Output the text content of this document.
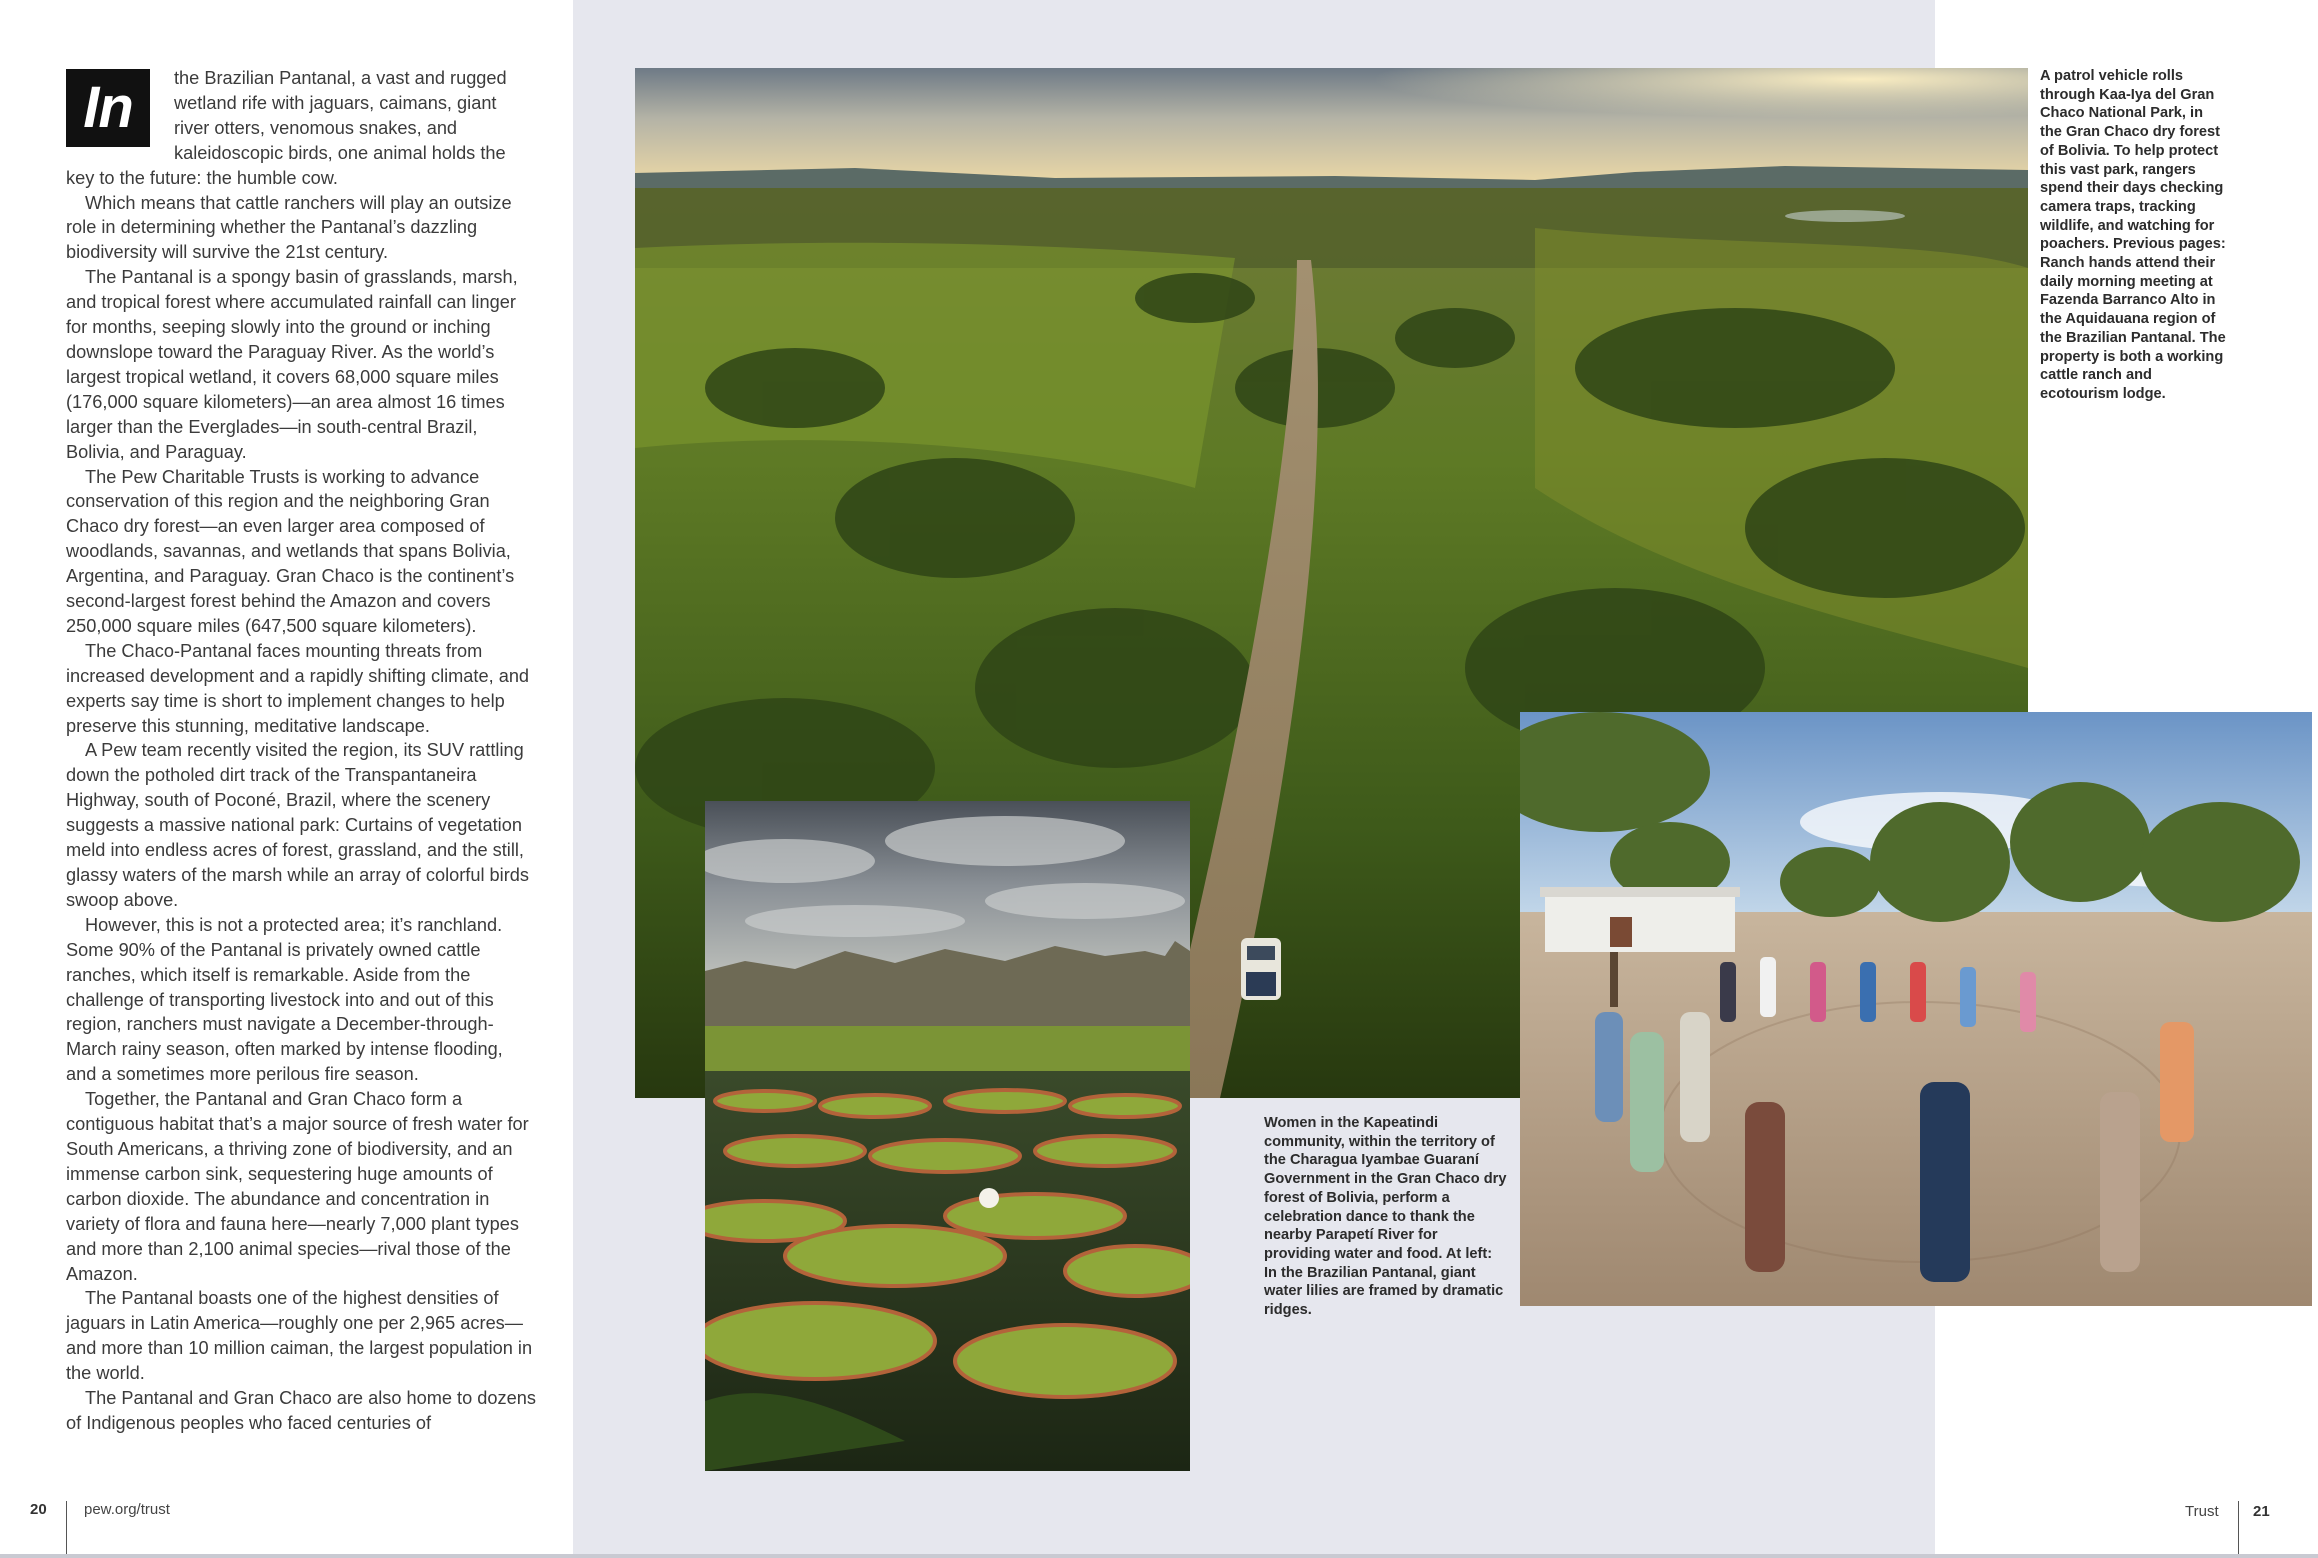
In	the Brazilian Pantanal, a vast and rugged wetland rife with jaguars, caimans, giant river otters, venomous snakes, and kaleidoscopic birds, one animal holds the key to the future: the humble cow.

Which means that cattle ranchers will play an outsize role in determining whether the Pantanal’s dazzling biodiversity will survive the 21st century.

The Pantanal is a spongy basin of grasslands, marsh, and tropical forest where accumulated rainfall can linger for months, seeping slowly into the ground or inching downslope toward the Paraguay River. As the world’s largest tropical wetland, it covers 68,000 square miles (176,000 square kilometers)—an area almost 16 times larger than the Everglades—in south-central Brazil, Bolivia, and Paraguay.

The Pew Charitable Trusts is working to advance conservation of this region and the neighboring Gran Chaco dry forest—an even larger area composed of woodlands, savannas, and wetlands that spans Bolivia, Argentina, and Paraguay. Gran Chaco is the continent’s second-largest forest behind the Amazon and covers 250,000 square miles (647,500 square kilometers).

The Chaco-Pantanal faces mounting threats from increased development and a rapidly shifting climate, and experts say time is short to implement changes to help preserve this stunning, meditative landscape.

A Pew team recently visited the region, its SUV rattling down the potholed dirt track of the Transpantaneira Highway, south of Poconé, Brazil, where the scenery suggests a massive national park: Curtains of vegetation meld into endless acres of forest, grassland, and the still, glassy waters of the marsh while an array of colorful birds swoop above.

However, this is not a protected area; it’s ranchland. Some 90% of the Pantanal is privately owned cattle ranches, which itself is remarkable. Aside from the challenge of transporting livestock into and out of this region, ranchers must navigate a December-through-March rainy season, often marked by intense flooding, and a sometimes more perilous fire season.

Together, the Pantanal and Gran Chaco form a contiguous habitat that’s a major source of fresh water for South Americans, a thriving zone of biodiversity, and an immense carbon sink, sequestering huge amounts of carbon dioxide. The abundance and concentration in variety of flora and fauna here—nearly 7,000 plant types and more than 2,100 animal species—rival those of the Amazon.

The Pantanal boasts one of the highest densities of jaguars in Latin America—roughly one per 2,965 acres—and more than 10 million caiman, the largest population in the world.

The Pantanal and Gran Chaco are also home to dozens of Indigenous peoples who faced centuries of

A patrol vehicle rolls through Kaa-Iya del Gran Chaco National Park, in the Gran Chaco dry forest of Bolivia. To help protect this vast park, rangers spend their days checking camera traps, tracking wildlife, and watching for poachers. Previous pages: Ranch hands attend their daily morning meeting at Fazenda Barranco Alto in the Aquidauana region of the Brazilian Pantanal. The property is both a working cattle ranch and ecotourism lodge.
Women in the Kapeatindi community, within the territory of the Charagua Iyambae Guaraní Government in the Gran Chaco dry forest of Bolivia, perform a celebration dance to thank the nearby Parapetí River for providing water and food. At left: In the Brazilian Pantanal, giant water lilies are framed by dramatic ridges.
20 pew.org/trust	Trust 21
